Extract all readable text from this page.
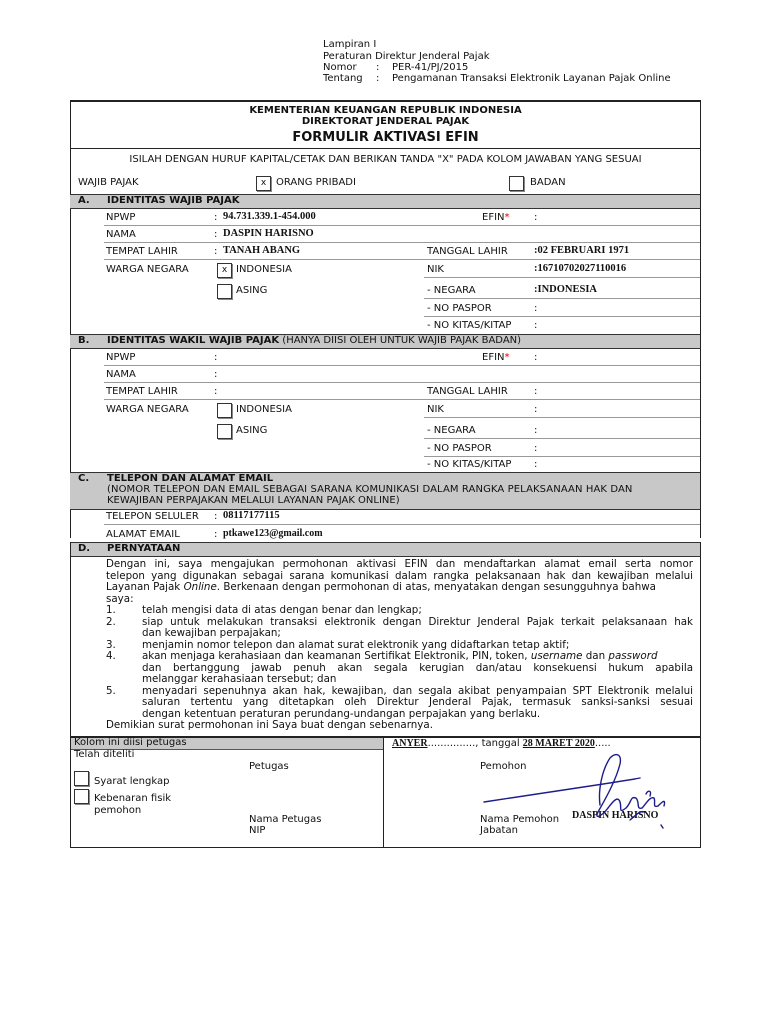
Lampiran I
Peraturan Direktur Jenderal Pajak
Nomor : PER-41/PJ/2015
Tentang : Pengamanan Transaksi Elektronik Layanan Pajak Online
KEMENTERIAN KEUANGAN REPUBLIK INDONESIA
DIREKTORAT JENDERAL PAJAK
FORMULIR AKTIVASI EFIN
ISILAH DENGAN HURUF KAPITAL/CETAK DAN BERIKAN TANDA "X" PADA KOLOM JAWABAN YANG SESUAI
WAJIB PAJAK	x ORANG PRIBADI	BADAN
A. IDENTITAS WAJIB PAJAK
NPWP	: 94.731.339.1-454.000	EFIN* :
NAMA	: DASPIN HARISNO
TEMPAT LAHIR	: TANAH ABANG	TANGGAL LAHIR :02 FEBRUARI 1971
WARGA NEGARA	x INDONESIA	NIK	:16710702027110016
ASING	- NEGARA	:INDONESIA
- NO PASPOR	:
- NO KITAS/KITAP :
B. IDENTITAS WAKIL WAJIB PAJAK (HANYA DIISI OLEH UNTUK WAJIB PAJAK BADAN)
NPWP	:	EFIN* :
NAMA	:
TEMPAT LAHIR	:	TANGGAL LAHIR	:
WARGA NEGARA	INDONESIA	NIK	:
ASING	- NEGARA	:
- NO PASPOR	:
- NO KITAS/KITAP :
C. TELEPON DAN ALAMAT EMAIL
(NOMOR TELEPON DAN EMAIL SEBAGAI SARANA KOMUNIKASI DALAM RANGKA PELAKSANAAN HAK DAN
KEWAJIBAN PERPAJAKAN MELALUI LAYANAN PAJAK ONLINE)
TELEPON SELULER : 08117177115
ALAMAT EMAIL	: ptkawe123@gmail.com
D. PERNYATAAN
Dengan ini, saya mengajukan permohonan aktivasi EFIN dan mendaftarkan alamat email serta nomor
telepon yang digunakan sebagai sarana komunikasi dalam rangka pelaksanaan hak dan kewajiban melalui
Layanan Pajak Online. Berkenaan dengan permohonan di atas, menyatakan dengan sesungguhnya bahwa
saya:
1.	telah mengisi data di atas dengan benar dan lengkap;
2.	siap untuk melakukan transaksi elektronik dengan Direktur Jenderal Pajak terkait pelaksanaan hak
dan kewajiban perpajakan;
3.	menjamin nomor telepon dan alamat surat elektronik yang didaftarkan tetap aktif;
4.	akan menjaga kerahasiaan dan keamanan Sertifikat Elektronik, PIN, token, username dan password
dan bertanggung jawab penuh akan segala kerugian dan/atau konsekuensi hukum apabila
melanggar kerahasiaan tersebut; dan
5.	menyadari sepenuhnya akan hak, kewajiban, dan segala akibat penyampaian SPT Elektronik melalui
saluran tertentu yang ditetapkan oleh Direktur Jenderal Pajak, termasuk sanksi-sanksi sesuai
dengan ketentuan peraturan perundang-undangan perpajakan yang berlaku.
Demikian surat permohonan ini Saya buat dengan sebenarnya.
Kolom ini diisi petugas
Telah diteliti
Syarat lengkap
Kebenaran fisik
pemohon
Petugas
Nama Petugas
NIP
ANYER..............., tanggal 28 MARET 2020.....
Pemohon
Nama Pemohon
Jabatan
DASPIN HARISNO
